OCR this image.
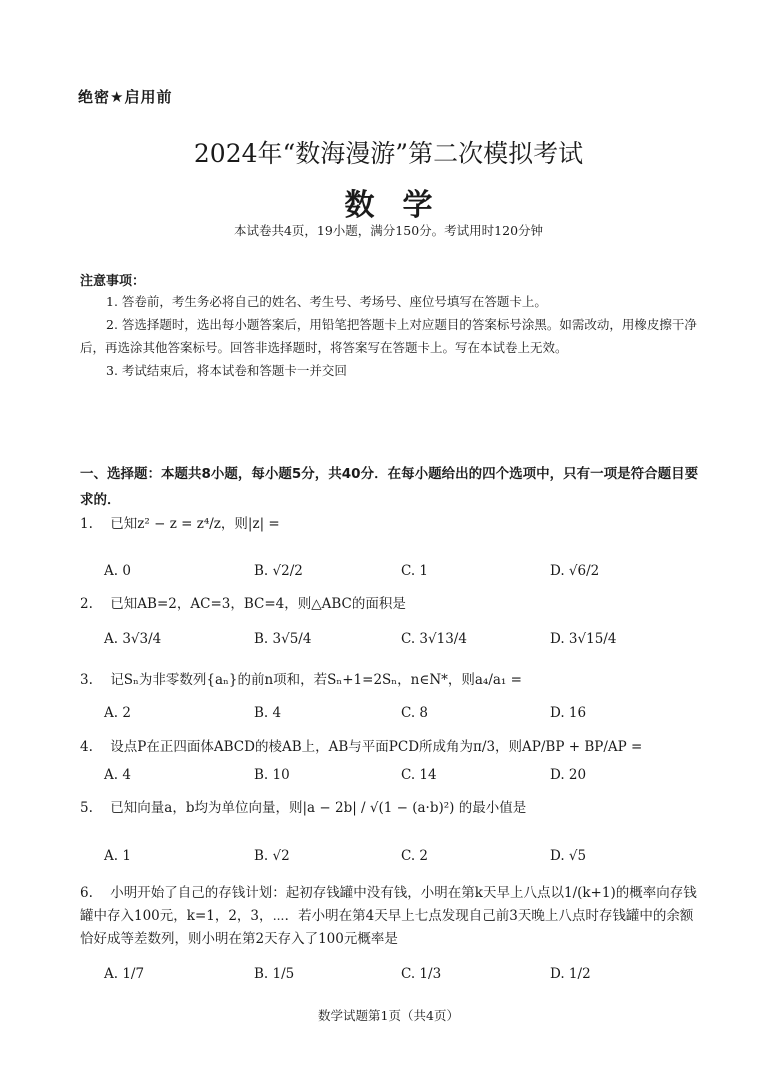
绝密★启用前
2024年“数海漫游”第二次模拟考试
数学
本试卷共4页，19小题，满分150分。考试用时120分钟
注意事项：

1. 答卷前，考生务必将自己的姓名、考生号、考场号、座位号填写在答题卡上。

2. 答选择题时，选出每小题答案后，用铅笔把答题卡上对应题目的答案标号涂黑。如需改动，用橡皮擦干净后，再选涂其他答案标号。回答非选择题时，将答案写在答题卡上。写在本试卷上无效。

3. 考试结束后，将本试卷和答题卡一并交回

一、选择题：本题共8小题，每小题5分，共40分．在每小题给出的四个选项中，只有一项是符合题目要求的．
1. 已知z² − z = z⁴/z，则|z| =
A. 0	B. √2/2	C. 1	D. √6/2
2. 已知AB=2，AC=3，BC=4，则△ABC的面积是
A. 3√3/4	B. 3√5/4	C. 3√13/4	D. 3√15/4
3. 记Sₙ为非零数列{aₙ}的前n项和，若Sₙ+1=2Sₙ，n∈N*，则a₄/a₁ =
A. 2	B. 4	C. 8	D. 16
4. 设点P在正四面体ABCD的棱AB上，AB与平面PCD所成角为π/3，则AP/BP + BP/AP =
A. 4	B. 10	C. 14	D. 20
5. 已知向量a，b均为单位向量，则|a − 2b| / √(1 − (a·b)²) 的最小值是
A. 1	B. √2	C. 2	D. √5
6. 小明开始了自己的存钱计划：起初存钱罐中没有钱，小明在第k天早上八点以1/(k+1)的概率向存钱罐中存入100元，k=1，2，3，⋯．若小明在第4天早上七点发现自己前3天晚上八点时存钱罐中的余额恰好成等差数列，则小明在第2天存入了100元概率是
A. 1/7	B. 1/5	C. 1/3	D. 1/2
数学试题第1页（共4页）
